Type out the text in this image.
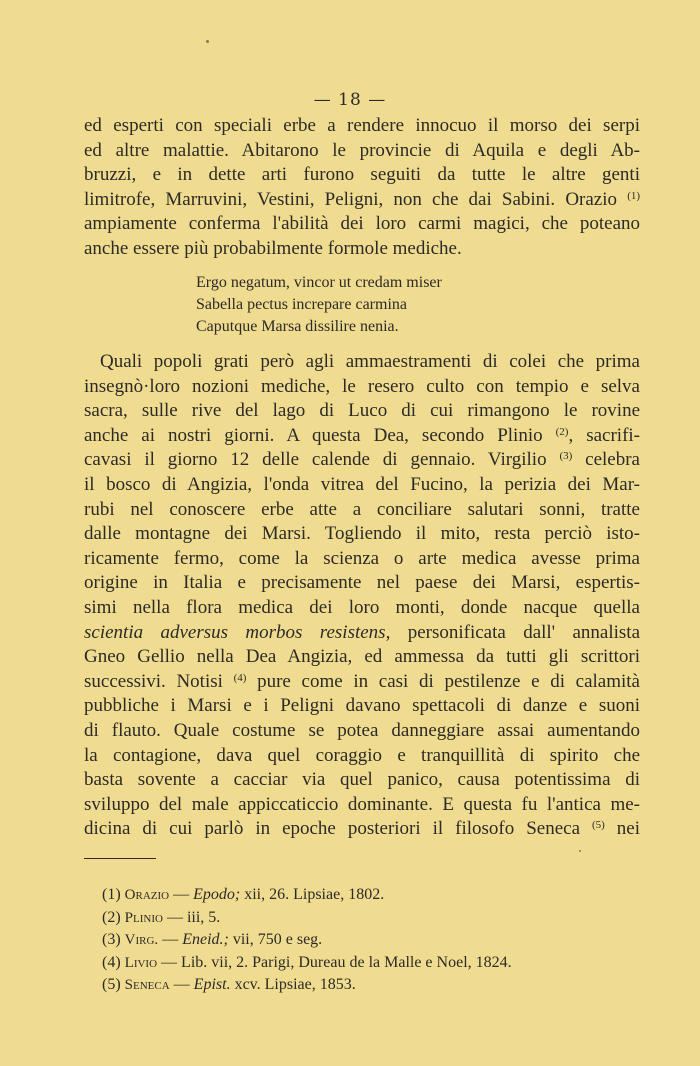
— 18 —

ed esperti con speciali erbe a rendere innocuo il morso dei serpi
ed altre malattie. Abitarono le provincie di Aquila e degli Ab-
bruzzi, e in dette arti furono seguiti da tutte le altre genti
limitrofe, Marruvini, Vestini, Peligni, non che dai Sabini. Orazio $^{(1)}$
ampiamente conferma l'abilità dei loro carmi magici, che poteano
anche essere più probabilmente formole mediche.
Ergo negatum, vincor ut credam miser
Sabella pectus increpare carmina
Caputque Marsa dissilire nenia.
Quali popoli grati però agli ammaestramenti di colei che prima
insegnò·loro nozioni mediche, le resero culto con tempio e selva
sacra, sulle rive del lago di Luco di cui rimangono le rovine
anche ai nostri giorni. A questa Dea, secondo Plinio $^{(2)}$, sacrifi-
cavasi il giorno 12 delle calende di gennaio. Virgilio $^{(3)}$ celebra
il bosco di Angizia, l'onda vitrea del Fucino, la perizia dei Mar-
rubi nel conoscere erbe atte a conciliare salutari sonni, tratte
dalle montagne dei Marsi. Togliendo il mito, resta perciò isto-
ricamente fermo, come la scienza o arte medica avesse prima
origine in Italia e precisamente nel paese dei Marsi, espertis-
simi nella flora medica dei loro monti, donde nacque quella
scientia adversus morbos resistens, personificata dall' annalista
Gneo Gellio nella Dea Angizia, ed ammessa da tutti gli scrittori
successivi. Notisi $^{(4)}$ pure come in casi di pestilenze e di calamità
pubbliche i Marsi e i Peligni davano spettacoli di danze e suoni
di flauto. Quale costume se potea danneggiare assai aumentando
la contagione, dava quel coraggio e tranquillità di spirito che
basta sovente a cacciar via quel panico, causa potentissima di
sviluppo del male appiccaticcio dominante. E questa fu l'antica me-
dicina di cui parlò in epoche posteriori il filosofo Seneca $^{(5)}$ nei
(1) Orazio — Epodo; xii, 26. Lipsiae, 1802.
(2) Plinio — iii, 5.
(3) Virg. — Eneid.; vii, 750 e seg.
(4) Livio — Lib. vii, 2. Parigi, Dureau de la Malle e Noel, 1824.
(5) Seneca — Epist. xcv. Lipsiae, 1853.
